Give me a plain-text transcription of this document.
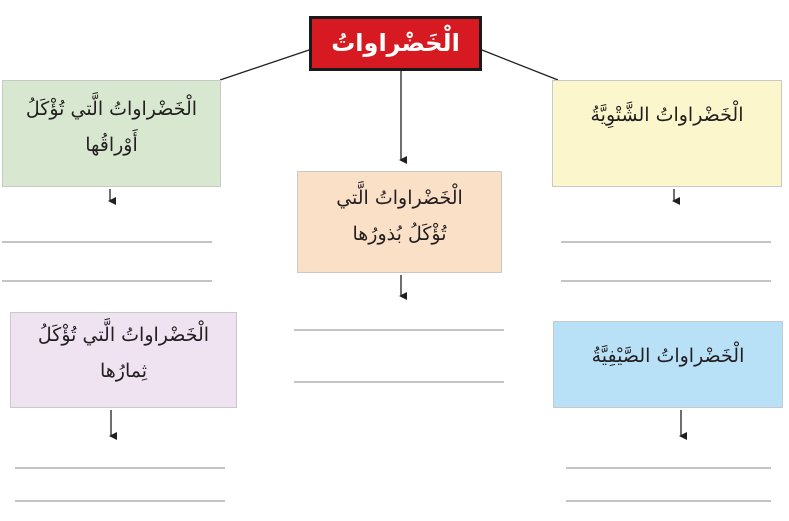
الْخَضْراواتُ
الْخَضْراواتُ الَّتي تُؤْكَلُ
أَوْراقُها
الْخَضْراواتُ الشَّتْوِيَّةُ
الْخَضْراواتُ الَّتي
تُؤْكَلُ بُذورُها
الْخَضْراواتُ الَّتي تُؤْكَلُ
ثِمارُها
الْخَضْراواتُ الصَّيْفِيَّةُ
